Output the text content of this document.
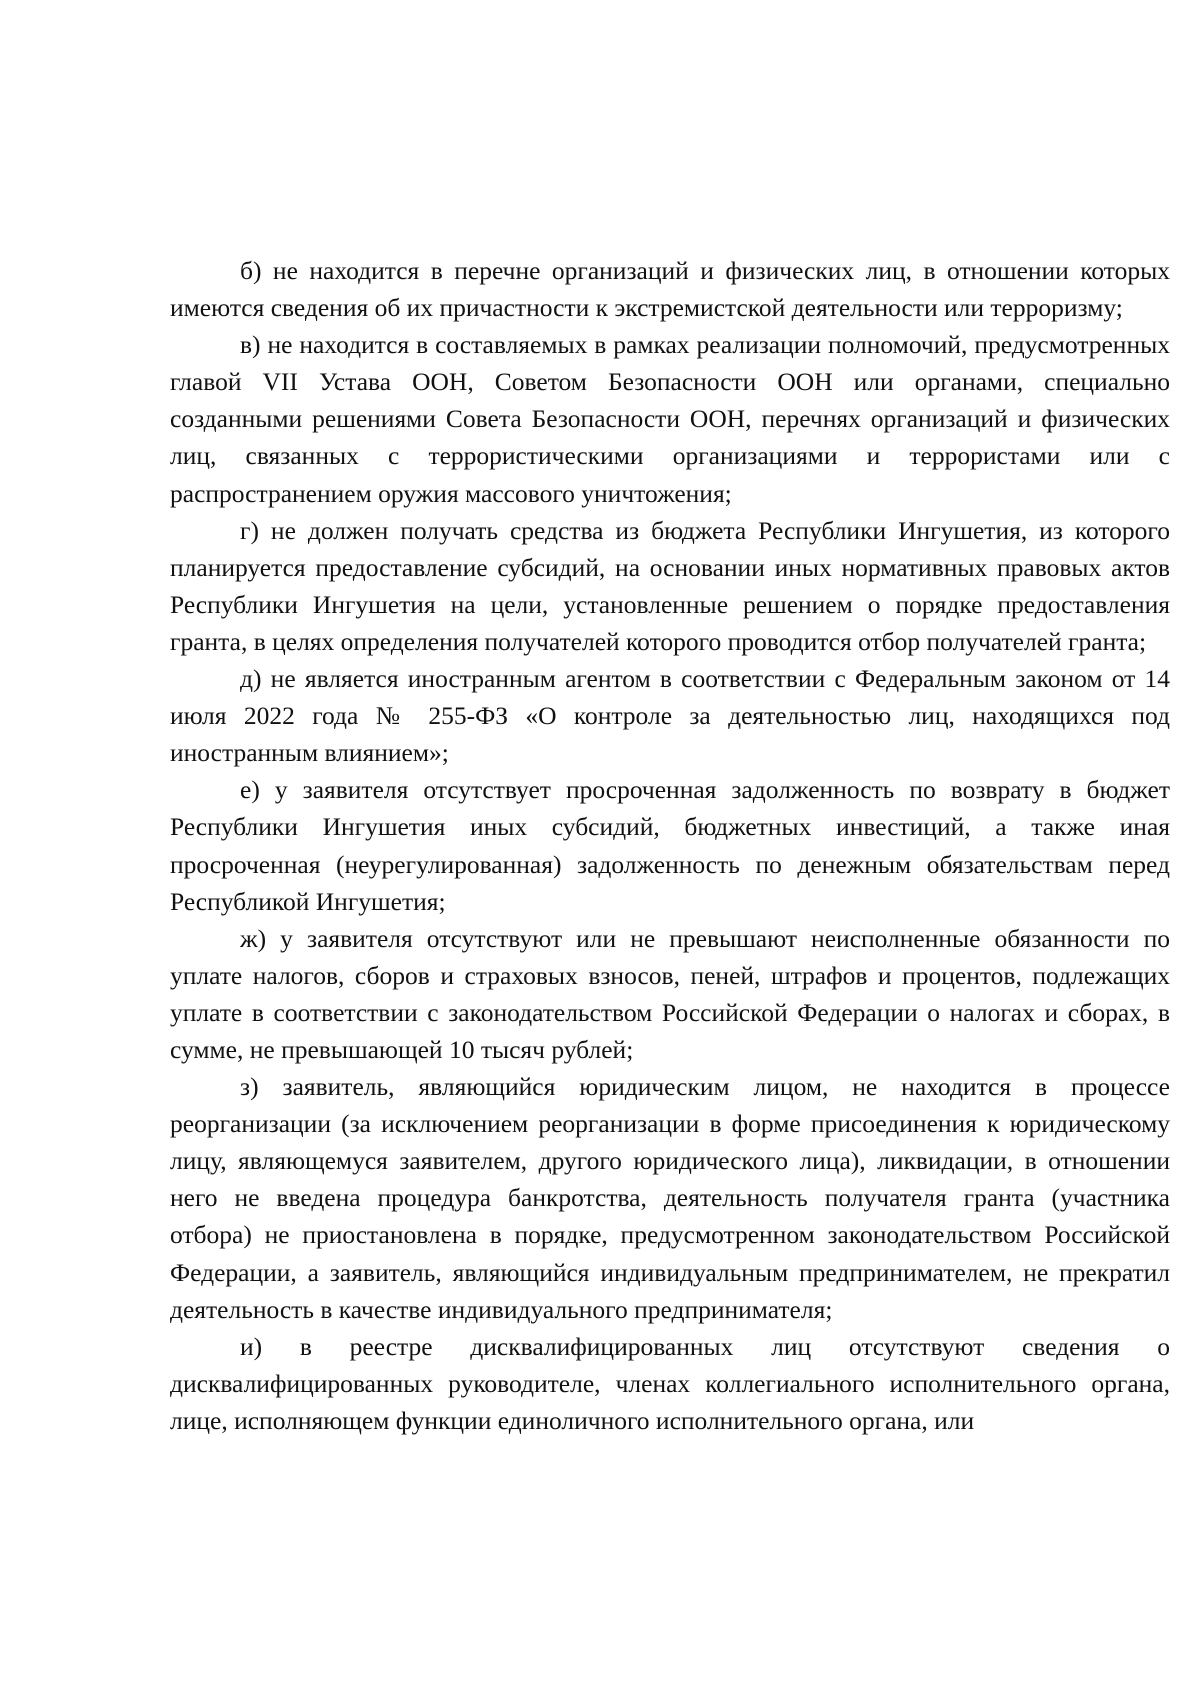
б) не находится в перечне организаций и физических лиц, в отношении которых имеются сведения об их причастности к экстремистской деятельности или терроризму;

в) не находится в составляемых в рамках реализации полномочий, предусмотренных главой VII Устава ООН, Советом Безопасности ООН или органами, специально созданными решениями Совета Безопасности ООН, перечнях организаций и физических лиц, связанных с террористическими организациями и террористами или с распространением оружия массового уничтожения;

г) не должен получать средства из бюджета Республики Ингушетия, из которого планируется предоставление субсидий, на основании иных нормативных правовых актов Республики Ингушетия на цели, установленные решением о порядке предоставления гранта, в целях определения получателей которого проводится отбор получателей гранта;

д) не является иностранным агентом в соответствии с Федеральным законом от 14 июля 2022 года № 255-ФЗ «О контроле за деятельностью лиц, находящихся под иностранным влиянием»;

е) у заявителя отсутствует просроченная задолженность по возврату в бюджет Республики Ингушетия иных субсидий, бюджетных инвестиций, а также иная просроченная (неурегулированная) задолженность по денежным обязательствам перед Республикой Ингушетия;

ж) у заявителя отсутствуют или не превышают неисполненные обязанности по уплате налогов, сборов и страховых взносов, пеней, штрафов и процентов, подлежащих уплате в соответствии с законодательством Российской Федерации о налогах и сборах, в сумме, не превышающей 10 тысяч рублей;

з) заявитель, являющийся юридическим лицом, не находится в процессе реорганизации (за исключением реорганизации в форме присоединения к юридическому лицу, являющемуся заявителем, другого юридического лица), ликвидации, в отношении него не введена процедура банкротства, деятельность получателя гранта (участника отбора) не приостановлена в порядке, предусмотренном законодательством Российской Федерации, а заявитель, являющийся индивидуальным предпринимателем, не прекратил деятельность в качестве индивидуального предпринимателя;

и) в реестре дисквалифицированных лиц отсутствуют сведения о дисквалифицированных руководителе, членах коллегиального исполнительного органа, лице, исполняющем функции единоличного исполнительного органа, или
